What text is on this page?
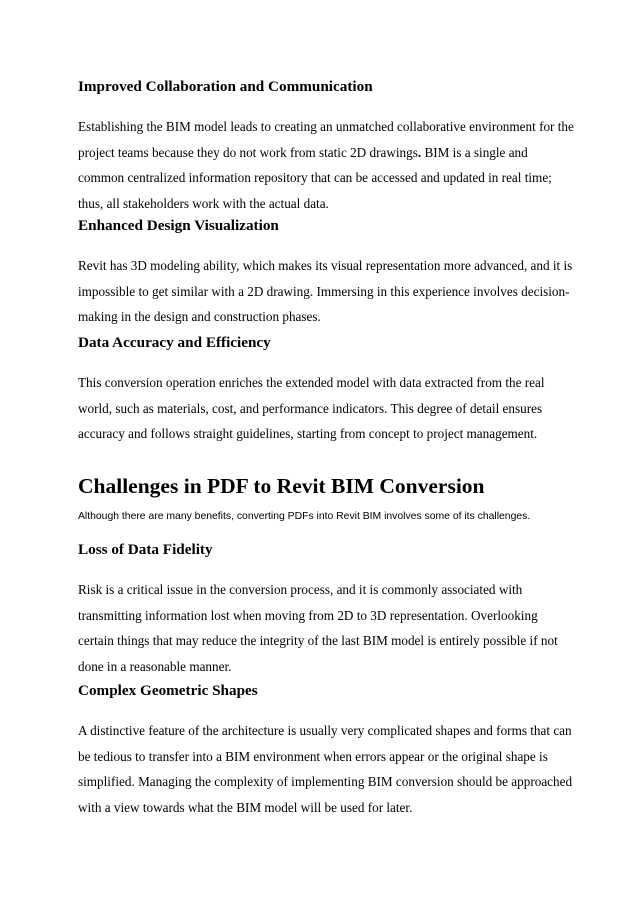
Improved Collaboration and Communication
Establishing the BIM model leads to creating an unmatched collaborative environment for the
project teams because they do not work from static 2D drawings. BIM is a single and
common centralized information repository that can be accessed and updated in real time;
thus, all stakeholders work with the actual data.
Enhanced Design Visualization
Revit has 3D modeling ability, which makes its visual representation more advanced, and it is
impossible to get similar with a 2D drawing. Immersing in this experience involves decision-
making in the design and construction phases.
Data Accuracy and Efficiency
This conversion operation enriches the extended model with data extracted from the real
world, such as materials, cost, and performance indicators. This degree of detail ensures
accuracy and follows straight guidelines, starting from concept to project management.
Challenges in PDF to Revit BIM Conversion

Although there are many benefits, converting PDFs into Revit BIM involves some of its challenges.

Loss of Data Fidelity
Risk is a critical issue in the conversion process, and it is commonly associated with
transmitting information lost when moving from 2D to 3D representation. Overlooking
certain things that may reduce the integrity of the last BIM model is entirely possible if not
done in a reasonable manner.
Complex Geometric Shapes
A distinctive feature of the architecture is usually very complicated shapes and forms that can
be tedious to transfer into a BIM environment when errors appear or the original shape is
simplified. Managing the complexity of implementing BIM conversion should be approached
with a view towards what the BIM model will be used for later.
